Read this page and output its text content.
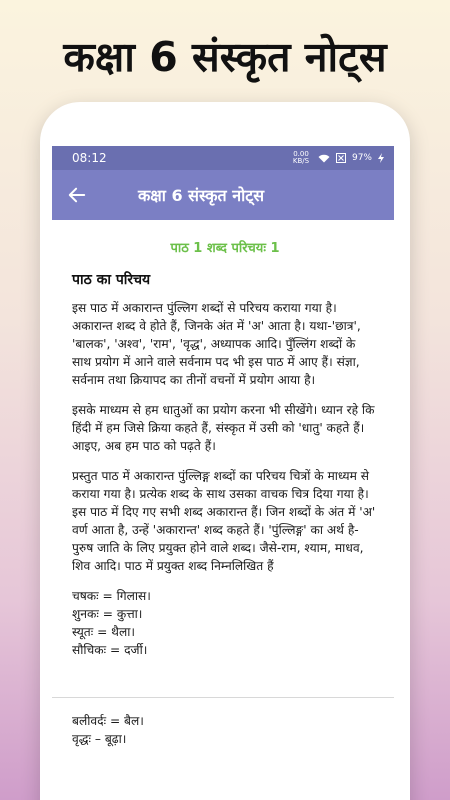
कक्षा 6 संस्कृत नोट्स
08:12	0.00 KB/S	97%
कक्षा 6 संस्कृत नोट्स
पाठ 1 शब्द परिचयः 1
पाठ का परिचय

इस पाठ में अकारान्त पुंल्लिग शब्दों से परिचय कराया गया है। अकारान्त शब्द वे होते हैं, जिनके अंत में 'अ' आता है। यथा-'छात्र', 'बालक', 'अश्व', 'राम', 'वृद्ध', अध्यापक आदि। पुँल्लिंग शब्दों के साथ प्रयोग में आने वाले सर्वनाम पद भी इस पाठ में आए हैं। संज्ञा, सर्वनाम तथा क्रियापद का तीनों वचनों में प्रयोग आया है।

इसके माध्यम से हम धातुओं का प्रयोग करना भी सीखेंगे। ध्यान रहे कि हिंदी में हम जिसे क्रिया कहते हैं, संस्कृत में उसी को 'धातु' कहते हैं। आइए, अब हम पाठ को पढ़ते हैं।

प्रस्तुत पाठ में अकारान्त पुंल्लिङ्ग शब्दों का परिचय चित्रों के माध्यम से कराया गया है। प्रत्येक शब्द के साथ उसका वाचक चित्र दिया गया है। इस पाठ में दिए गए सभी शब्द अकारान्त हैं। जिन शब्दों के अंत में 'अ' वर्ण आता है, उन्हें 'अकारान्त' शब्द कहते हैं। 'पुंल्लिङ्ग' का अर्थ है-पुरुष जाति के लिए प्रयुक्त होने वाले शब्द। जैसे-राम, श्याम, माधव, शिव आदि। पाठ में प्रयुक्त शब्द निम्नलिखित हैं

चषकः = गिलास।
शुनकः = कुत्ता।
स्यूतः = थैला।
सौचिकः = दर्जी।
बलीवर्दः = बैल।
वृद्धः – बूढ़ा।
